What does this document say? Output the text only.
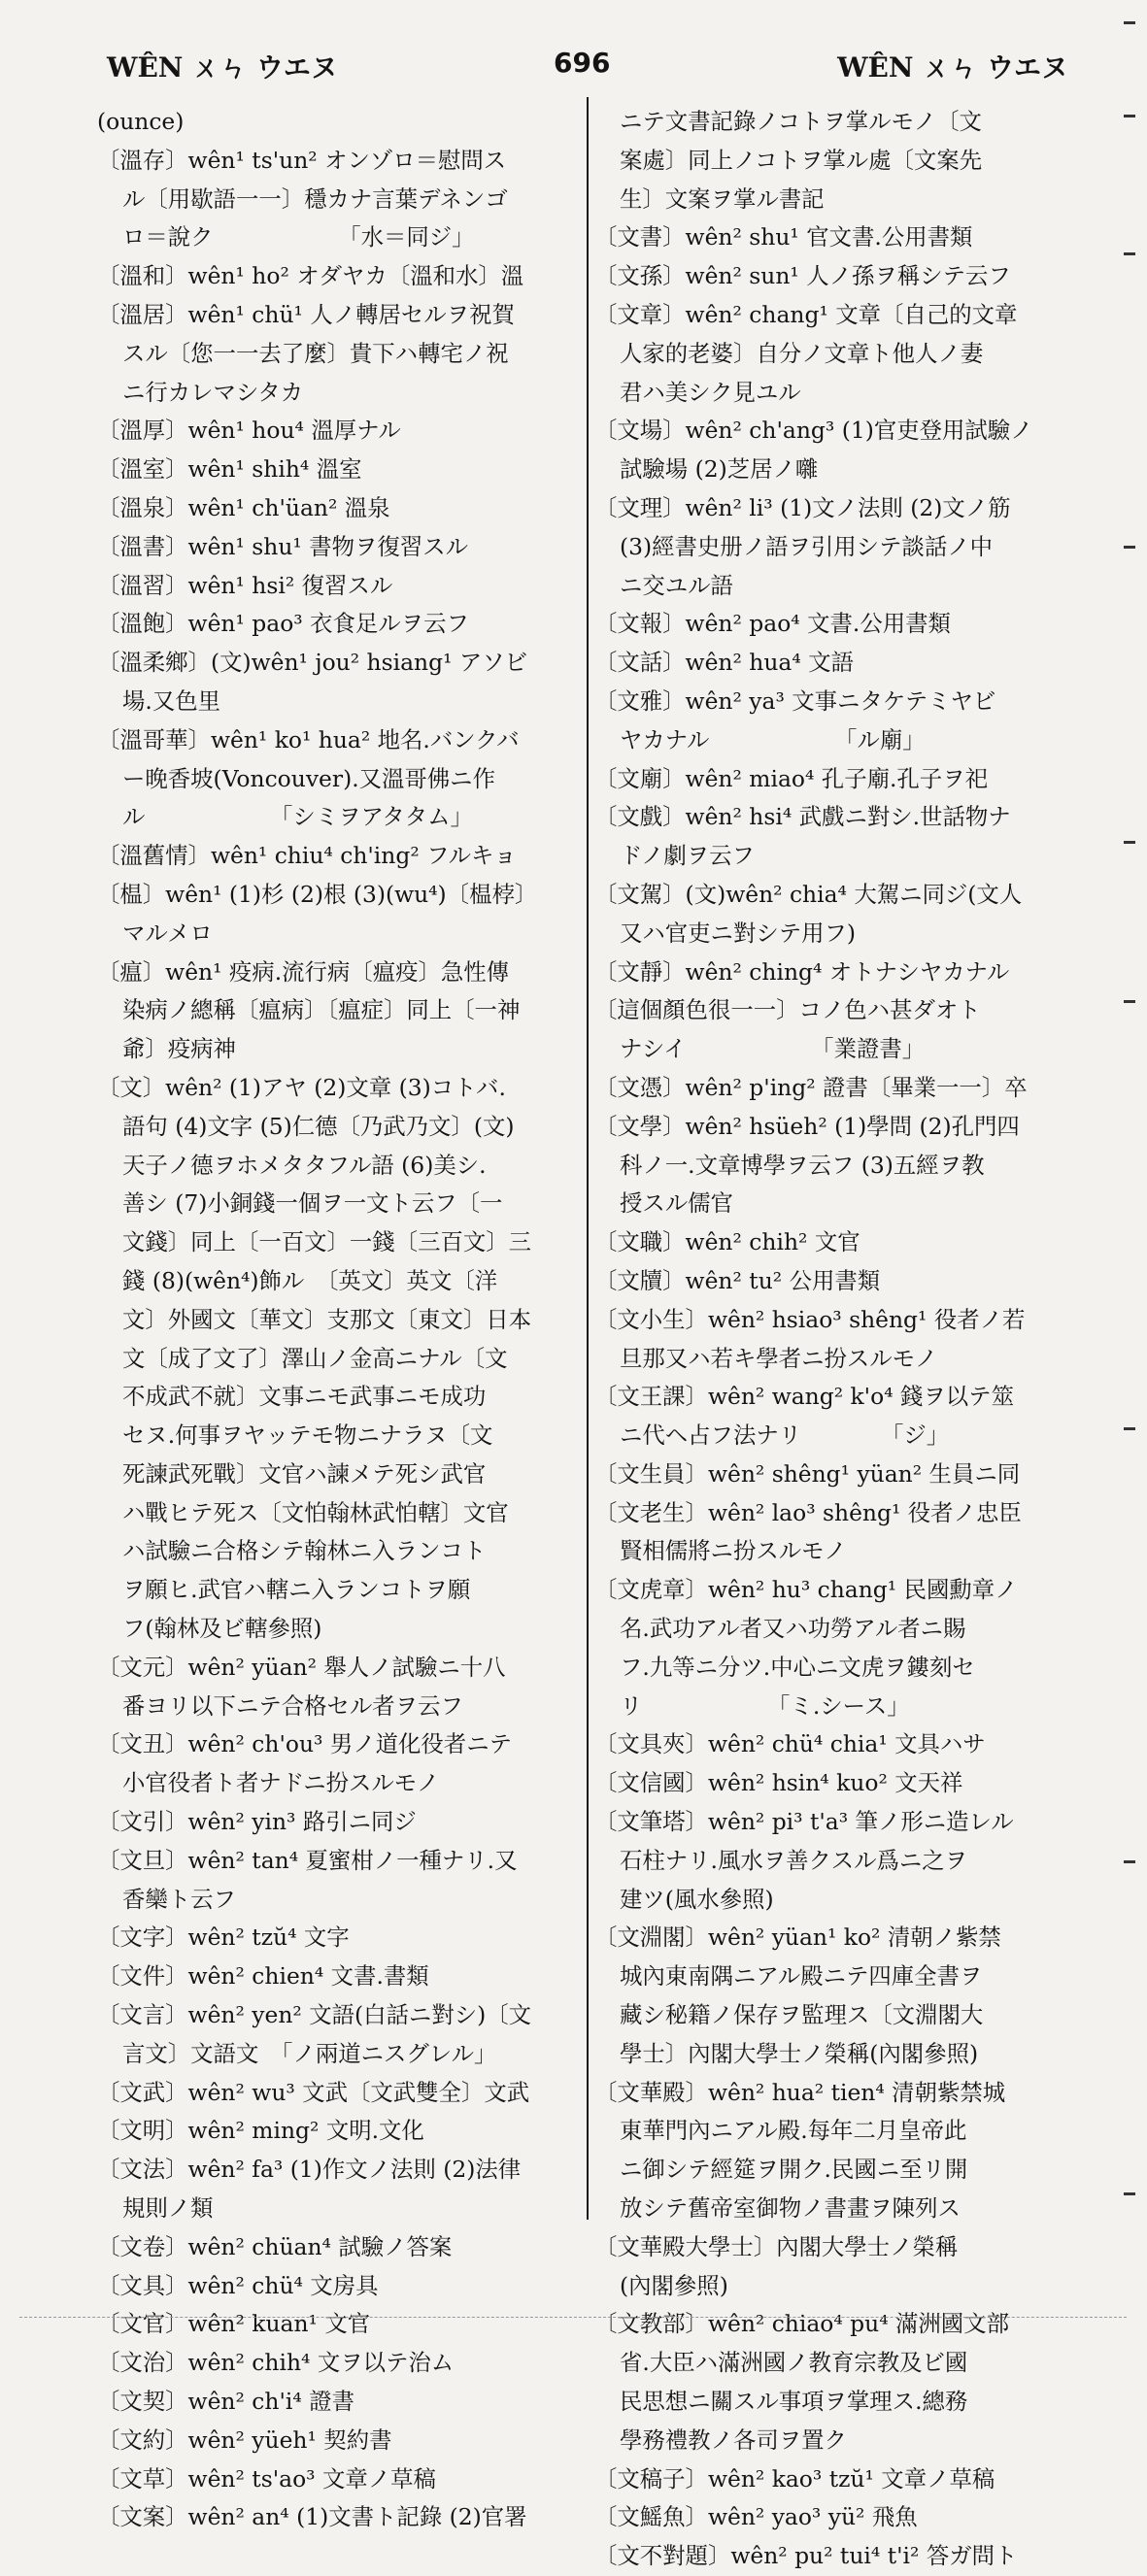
WÊN ㄨㄣ ウエヌ	696	WÊN ㄨㄣ ウエヌ
(ounce)
〔溫存〕wên¹ ts'un² オンゾロ＝慰問ス
ル〔用歇語一一〕穩カナ言葉デネンゴ
ロ＝說ク　　　　　　「水＝同ジ」
〔溫和〕wên¹ ho² オダヤカ〔溫和水〕溫
〔溫居〕wên¹ chü¹ 人ノ轉居セルヲ祝賀
スル〔您一一去了麼〕貴下ハ轉宅ノ祝
ニ行カレマシタカ
〔溫厚〕wên¹ hou⁴ 溫厚ナル
〔溫室〕wên¹ shih⁴ 溫室
〔溫泉〕wên¹ ch'üan² 溫泉
〔溫書〕wên¹ shu¹ 書物ヲ復習スル
〔溫習〕wên¹ hsi² 復習スル
〔溫飽〕wên¹ pao³ 衣食足ルヲ云フ
〔溫柔鄉〕(文)wên¹ jou² hsiang¹ アソビ
場.又色里
〔溫哥華〕wên¹ ko¹ hua² 地名.バンクバ
ー晚香坡(Voncouver).又溫哥佛ニ作
ル　　　　　　「シミヲアタタム」
〔溫舊情〕wên¹ chiu⁴ ch'ing² フルキョ
〔榅〕wên¹ (1)杉 (2)根 (3)(wu⁴)〔榅桲〕
マルメロ
〔瘟〕wên¹ 疫病.流行病〔瘟疫〕急性傳
染病ノ總稱〔瘟病〕〔瘟症〕同上〔一神
爺〕疫病神
〔文〕wên² (1)アヤ (2)文章 (3)コトバ.
語句 (4)文字 (5)仁德〔乃武乃文〕(文)
天子ノ德ヲホメタタフル語 (6)美シ.
善シ (7)小銅錢一個ヲ一文ト云フ〔一
文錢〕同上〔一百文〕一錢〔三百文〕三
錢 (8)(wên⁴)飾ル　〔英文〕英文〔洋
文〕外國文〔華文〕支那文〔東文〕日本
文〔成了文了〕澤山ノ金高ニナル〔文
不成武不就〕文事ニモ武事ニモ成功
セヌ.何事ヲヤッテモ物ニナラヌ〔文
死諫武死戰〕文官ハ諫メテ死シ武官
ハ戰ヒテ死ス〔文怕翰林武怕轄〕文官
ハ試驗ニ合格シテ翰林ニ入ランコト
ヲ願ヒ.武官ハ轄ニ入ランコトヲ願
フ(翰林及ビ轄參照)
〔文元〕wên² yüan² 舉人ノ試驗ニ十八
番ヨリ以下ニテ合格セル者ヲ云フ
〔文丑〕wên² ch'ou³ 男ノ道化役者ニテ
小官役者ト者ナドニ扮スルモノ
〔文引〕wên² yin³ 路引ニ同ジ
〔文旦〕wên² tan⁴ 夏蜜柑ノ一種ナリ.又
香欒ト云フ
〔文字〕wên² tzŭ⁴ 文字
〔文件〕wên² chien⁴ 文書.書類
〔文言〕wên² yen² 文語(白話ニ對シ)〔文
言文〕文語文　「ノ兩道ニスグレル」
〔文武〕wên² wu³ 文武〔文武雙全〕文武
〔文明〕wên² ming² 文明.文化
〔文法〕wên² fa³ (1)作文ノ法則 (2)法律
規則ノ類
〔文卷〕wên² chüan⁴ 試驗ノ答案
〔文具〕wên² chü⁴ 文房具
〔文官〕wên² kuan¹ 文官
〔文治〕wên² chih⁴ 文ヲ以テ治ム
〔文契〕wên² ch'i⁴ 證書
〔文約〕wên² yüeh¹ 契約書
〔文草〕wên² ts'ao³ 文章ノ草稿
〔文案〕wên² an⁴ (1)文書ト記錄 (2)官署
ニテ文書記錄ノコトヲ掌ルモノ〔文
案處〕同上ノコトヲ掌ル處〔文案先
生〕文案ヲ掌ル書記
〔文書〕wên² shu¹ 官文書.公用書類
〔文孫〕wên² sun¹ 人ノ孫ヲ稱シテ云フ
〔文章〕wên² chang¹ 文章〔自己的文章
人家的老婆〕自分ノ文章ト他人ノ妻
君ハ美シク見ユル
〔文場〕wên² ch'ang³ (1)官吏登用試驗ノ
試驗場 (2)芝居ノ囃
〔文理〕wên² li³ (1)文ノ法則 (2)文ノ筋
(3)經書史册ノ語ヲ引用シテ談話ノ中
ニ交ユル語
〔文報〕wên² pao⁴ 文書.公用書類
〔文話〕wên² hua⁴ 文語
〔文雅〕wên² ya³ 文事ニタケテミヤビ
ヤカナル　　　　　　「ル廟」
〔文廟〕wên² miao⁴ 孔子廟.孔子ヲ祀
〔文戲〕wên² hsi⁴ 武戲ニ對シ.世話物ナ
ドノ劇ヲ云フ
〔文駕〕(文)wên² chia⁴ 大駕ニ同ジ(文人
又ハ官吏ニ對シテ用フ)
〔文靜〕wên² ching⁴ オトナシヤカナル
〔這個顏色很一一〕コノ色ハ甚ダオト
ナシイ　　　　　　「業證書」
〔文憑〕wên² p'ing² 證書〔畢業一一〕卒
〔文學〕wên² hsüeh² (1)學問 (2)孔門四
科ノ一.文章博學ヲ云フ (3)五經ヲ教
授スル儒官
〔文職〕wên² chih² 文官
〔文牘〕wên² tu² 公用書類
〔文小生〕wên² hsiao³ shêng¹ 役者ノ若
旦那又ハ若キ學者ニ扮スルモノ
〔文王課〕wên² wang² k'o⁴ 錢ヲ以テ筮
ニ代ヘ占フ法ナリ　　　　「ジ」
〔文生員〕wên² shêng¹ yüan² 生員ニ同
〔文老生〕wên² lao³ shêng¹ 役者ノ忠臣
賢相儒將ニ扮スルモノ
〔文虎章〕wên² hu³ chang¹ 民國勳章ノ
名.武功アル者又ハ功勞アル者ニ賜
フ.九等ニ分ツ.中心ニ文虎ヲ鏤刻セ
リ　　　　　　「ミ.シース」
〔文具夾〕wên² chü⁴ chia¹ 文具ハサ
〔文信國〕wên² hsin⁴ kuo² 文天祥
〔文筆塔〕wên² pi³ t'a³ 筆ノ形ニ造レル
石柱ナリ.風水ヲ善クスル爲ニ之ヲ
建ツ(風水參照)
〔文淵閣〕wên² yüan¹ ko² 清朝ノ紫禁
城內東南隅ニアル殿ニテ四庫全書ヲ
藏シ秘籍ノ保存ヲ監理ス〔文淵閣大
學士〕內閣大學士ノ榮稱(內閣參照)
〔文華殿〕wên² hua² tien⁴ 清朝紫禁城
東華門內ニアル殿.每年二月皇帝此
ニ御シテ經筵ヲ開ク.民國ニ至リ開
放シテ舊帝室御物ノ書畫ヲ陳列ス
〔文華殿大學士〕內閣大學士ノ榮稱
(內閣參照)
〔文教部〕wên² chiao⁴ pu⁴ 滿洲國文部
省.大臣ハ滿洲國ノ教育宗教及ビ國
民思想ニ關スル事項ヲ掌理ス.總務
學務禮教ノ各司ヲ置ク
〔文稿子〕wên² kao³ tzŭ¹ 文章ノ草稿
〔文鰩魚〕wên² yao³ yü² 飛魚
〔文不對題〕wên² pu² tui⁴ t'i² 答ガ問ト
